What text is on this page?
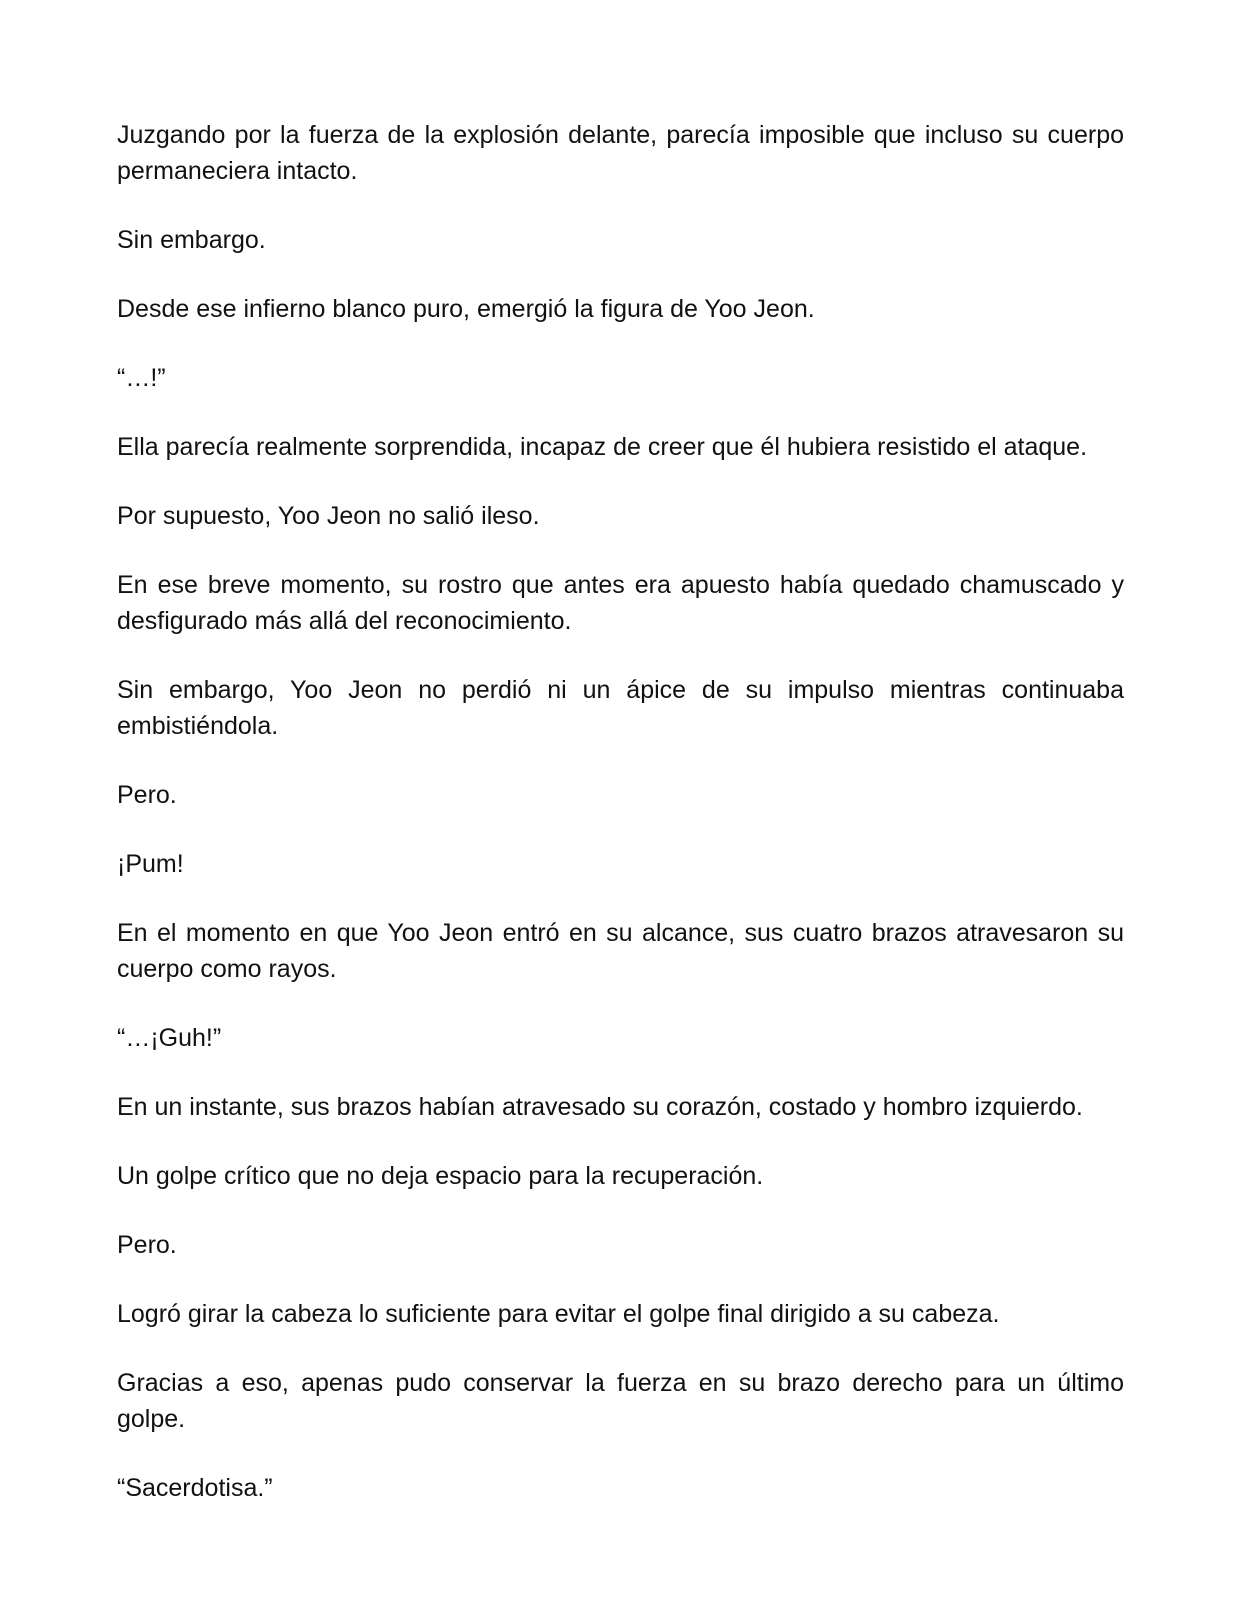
Juzgando por la fuerza de la explosión delante, parecía imposible que incluso su cuerpo permaneciera intacto.

Sin embargo.

Desde ese infierno blanco puro, emergió la figura de Yoo Jeon.

“…!”

Ella parecía realmente sorprendida, incapaz de creer que él hubiera resistido el ataque.

Por supuesto, Yoo Jeon no salió ileso.

En ese breve momento, su rostro que antes era apuesto había quedado chamuscado y desfigurado más allá del reconocimiento.

Sin embargo, Yoo Jeon no perdió ni un ápice de su impulso mientras continuaba embistiéndola.

Pero.

¡Pum!

En el momento en que Yoo Jeon entró en su alcance, sus cuatro brazos atravesaron su cuerpo como rayos.

“…¡Guh!”

En un instante, sus brazos habían atravesado su corazón, costado y hombro izquierdo.

Un golpe crítico que no deja espacio para la recuperación.

Pero.

Logró girar la cabeza lo suficiente para evitar el golpe final dirigido a su cabeza.

Gracias a eso, apenas pudo conservar la fuerza en su brazo derecho para un último golpe.

“Sacerdotisa.”
